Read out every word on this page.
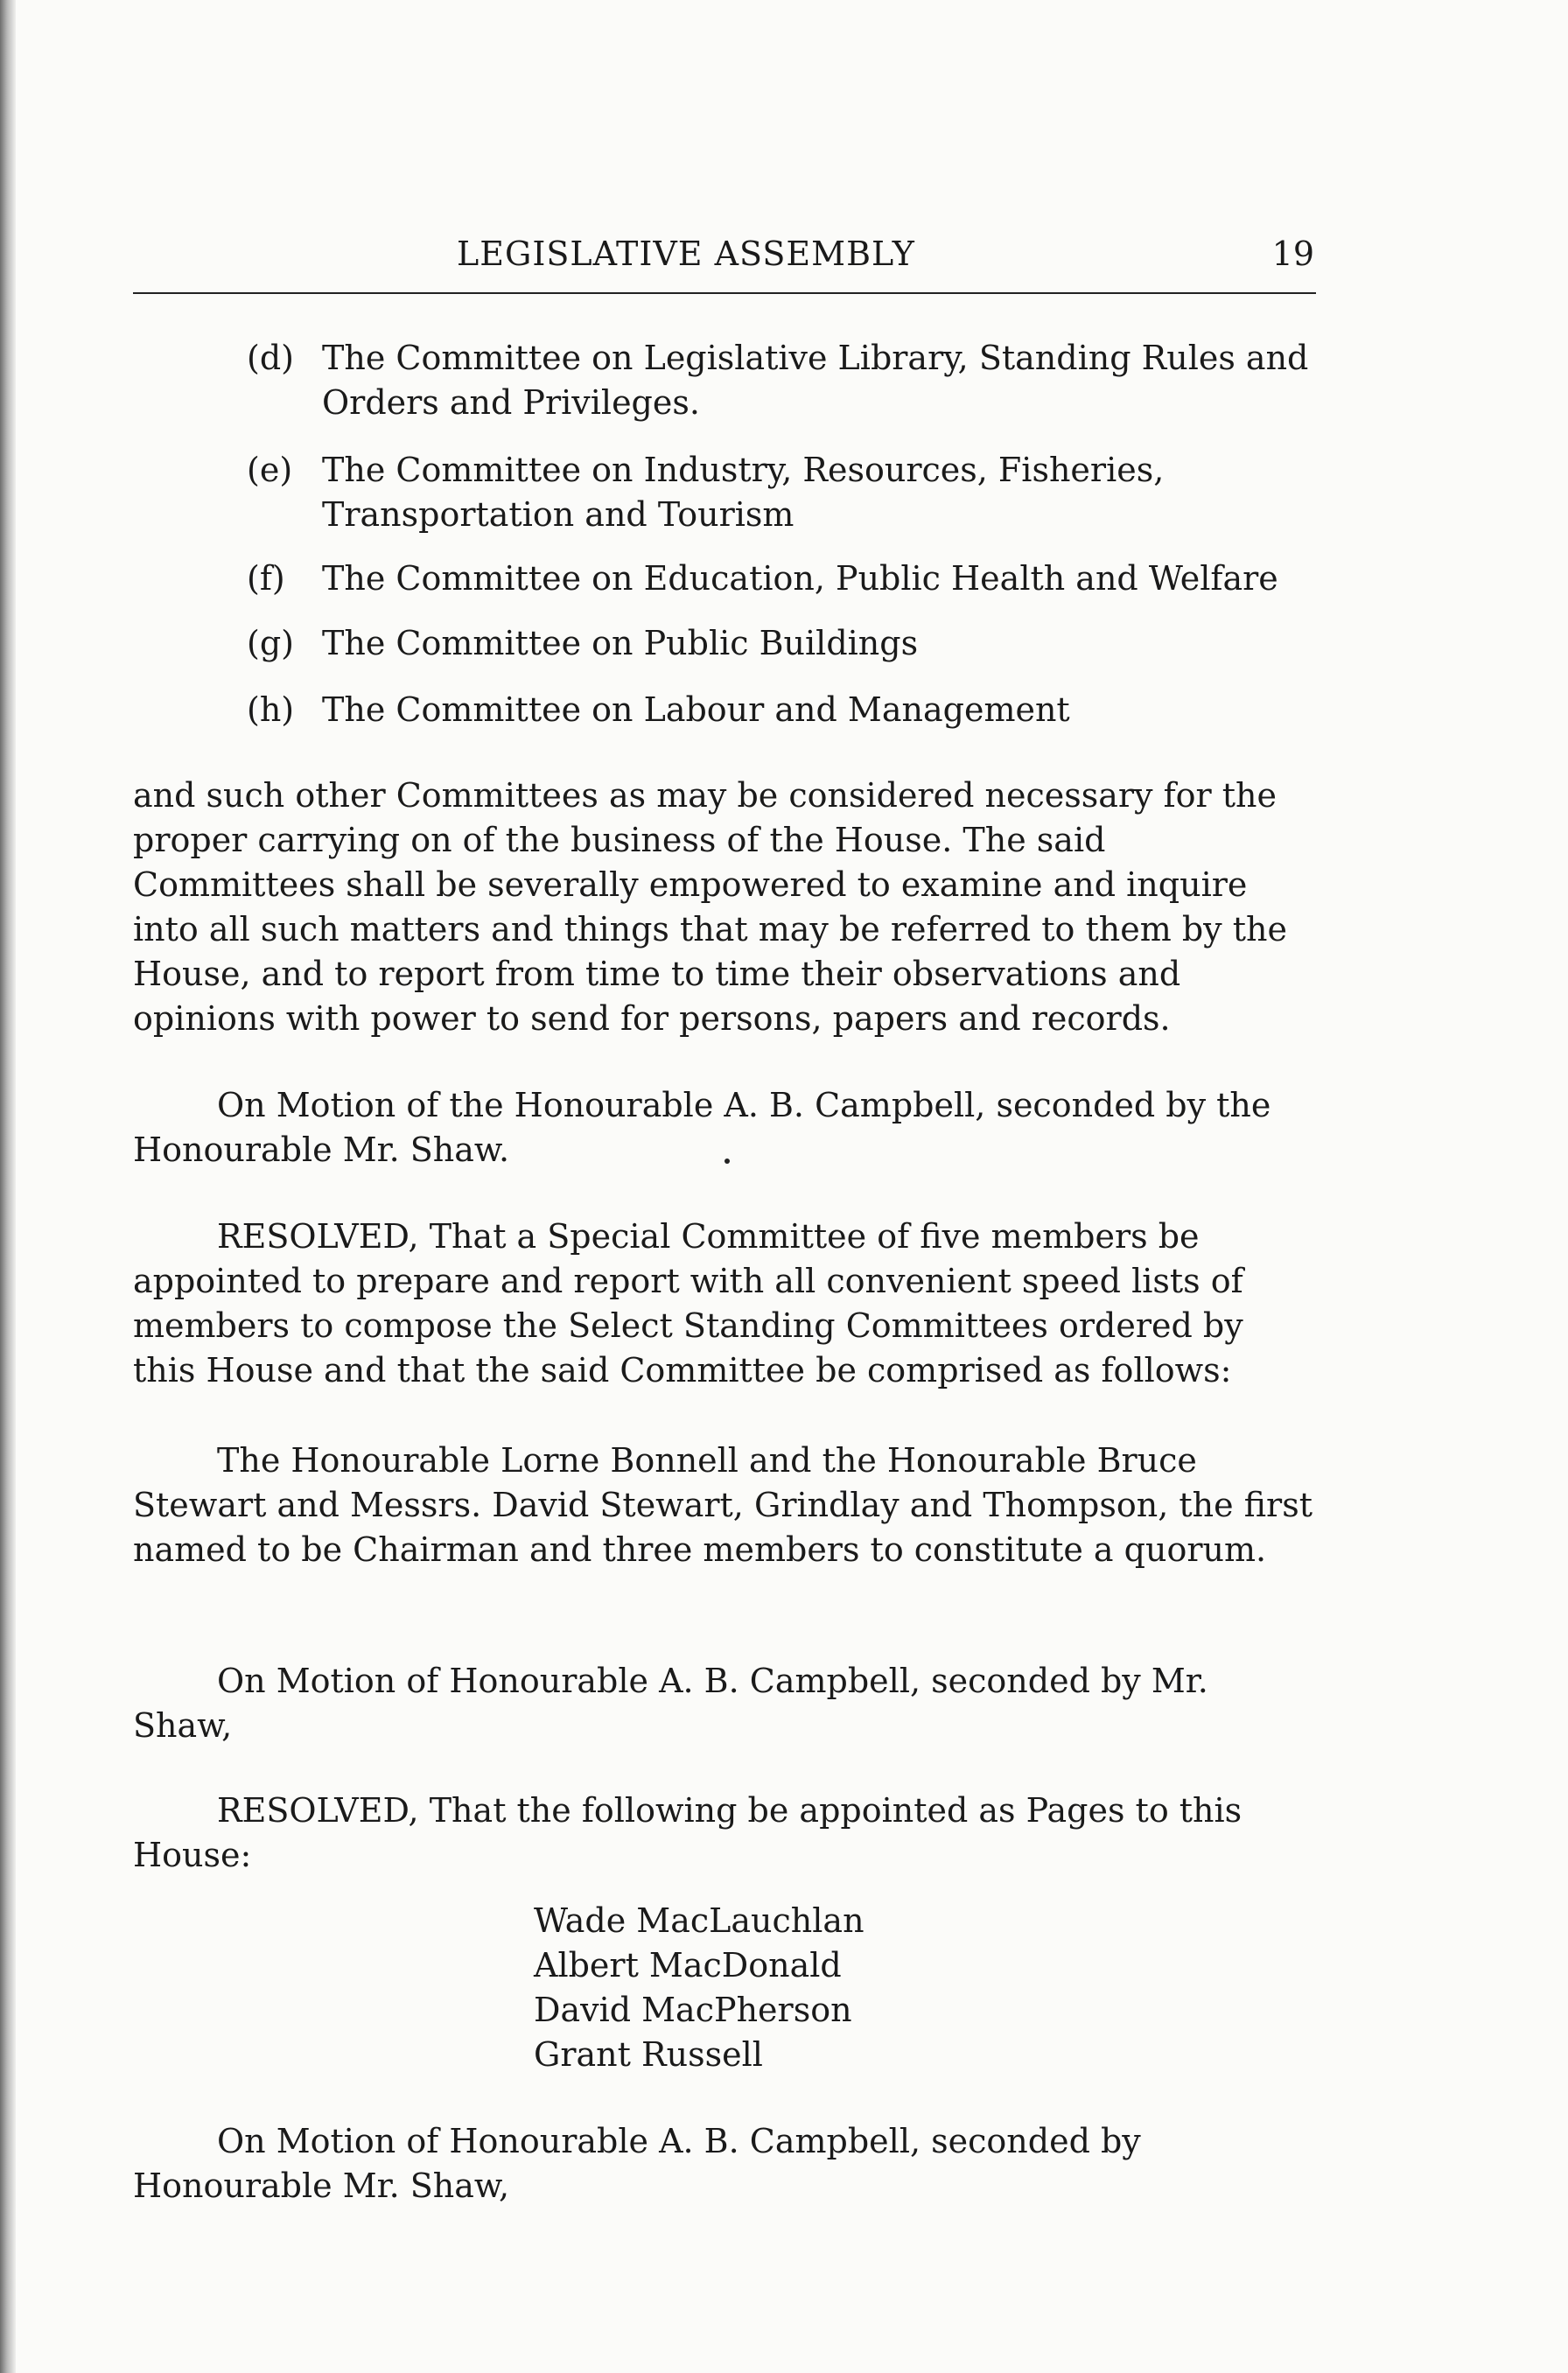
LEGISLATIVE ASSEMBLY	19
(d) The Committee on Legislative Library, Standing Rules and Orders and Privileges.
(e) The Committee on Industry, Resources, Fisheries, Transportation and Tourism
(f) The Committee on Education, Public Health and Welfare
(g) The Committee on Public Buildings
(h) The Committee on Labour and Management
and such other Committees as may be considered necessary for the proper carrying on of the business of the House. The said Committees shall be severally empowered to examine and inquire into all such matters and things that may be referred to them by the House, and to report from time to time their observations and opinions with power to send for persons, papers and records.
On Motion of the Honourable A. B. Campbell, seconded by the Honourable Mr. Shaw.
RESOLVED, That a Special Committee of five members be appointed to prepare and report with all convenient speed lists of members to compose the Select Standing Committees ordered by this House and that the said Committee be comprised as follows:
The Honourable Lorne Bonnell and the Honourable Bruce Stewart and Messrs. David Stewart, Grindlay and Thompson, the first named to be Chairman and three members to constitute a quorum.
On Motion of Honourable A. B. Campbell, seconded by Mr. Shaw,
RESOLVED, That the following be appointed as Pages to this House:
Wade MacLauchlan
Albert MacDonald
David MacPherson
Grant Russell
On Motion of Honourable A. B. Campbell, seconded by Honourable Mr. Shaw,
